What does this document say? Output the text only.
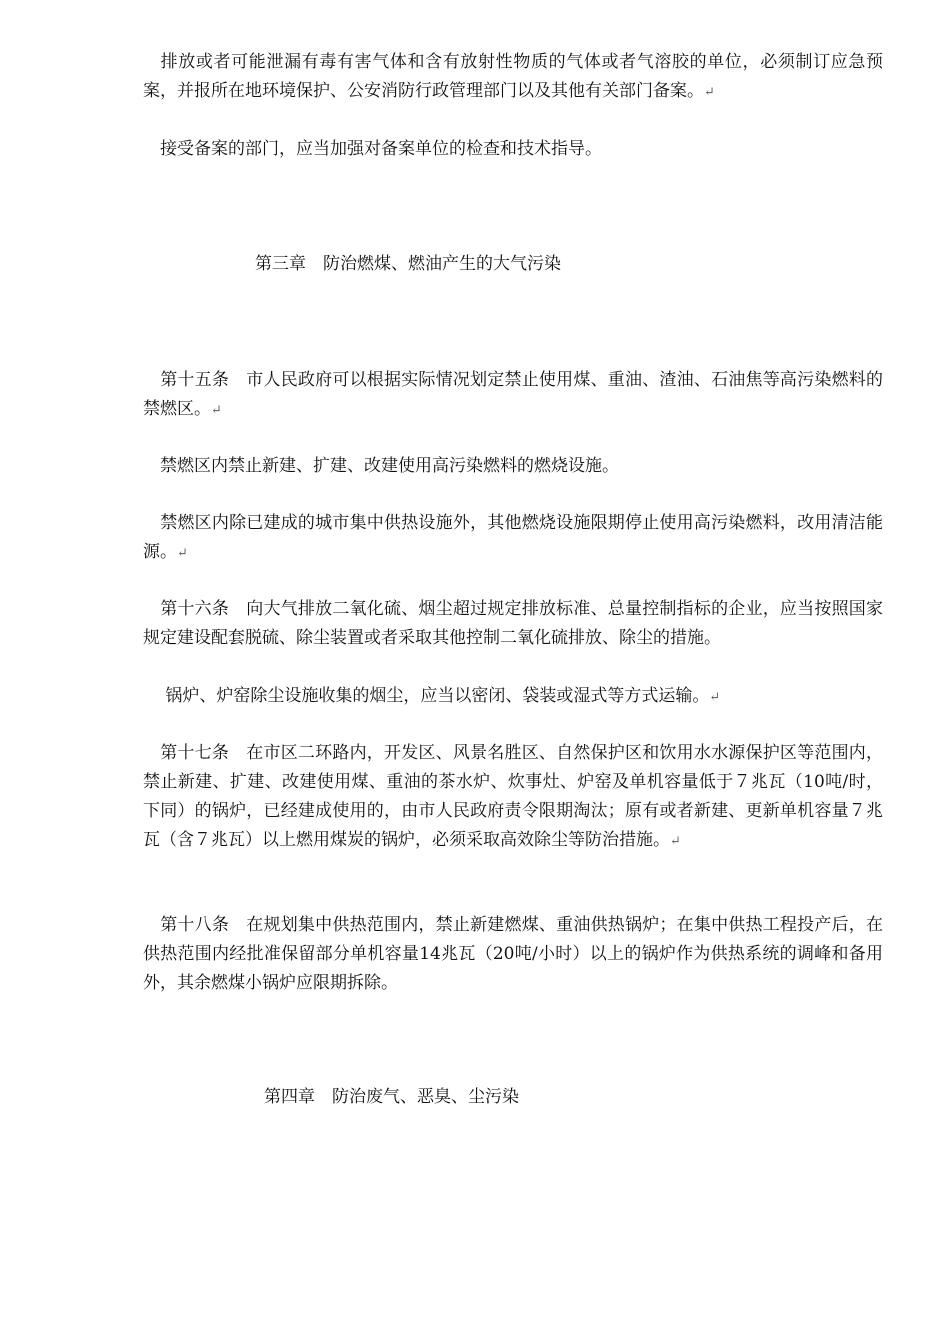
　排放或者可能泄漏有毒有害气体和含有放射性物质的气体或者气溶胶的单位，必须制订应急预案，并报所在地环境保护、公安消防行政管理部门以及其他有关部门备案。↵

　接受备案的部门，应当加强对备案单位的检查和技术指导。

第三章　防治燃煤、燃油产生的大气污染

　第十五条　市人民政府可以根据实际情况划定禁止使用煤、重油、渣油、石油焦等高污染燃料的禁燃区。↵

　禁燃区内禁止新建、扩建、改建使用高污染燃料的燃烧设施。

　禁燃区内除已建成的城市集中供热设施外，其他燃烧设施限期停止使用高污染燃料，改用清洁能源。↵

　第十六条　向大气排放二氧化硫、烟尘超过规定排放标准、总量控制指标的企业，应当按照国家规定建设配套脱硫、除尘装置或者采取其他控制二氧化硫排放、除尘的措施。

　 锅炉、炉窑除尘设施收集的烟尘，应当以密闭、袋装或湿式等方式运输。↵

　第十七条　在市区二环路内，开发区、风景名胜区、自然保护区和饮用水水源保护区等范围内，禁止新建、扩建、改建使用煤、重油的茶水炉、炊事灶、炉窑及单机容量低于７兆瓦（10吨/时，下同）的锅炉，已经建成使用的，由市人民政府责令限期淘汰；原有或者新建、更新单机容量７兆瓦（含７兆瓦）以上燃用煤炭的锅炉，必须采取高效除尘等防治措施。↵

　第十八条　在规划集中供热范围内，禁止新建燃煤、重油供热锅炉；在集中供热工程投产后，在供热范围内经批准保留部分单机容量14兆瓦（20吨/小时）以上的锅炉作为供热系统的调峰和备用外，其余燃煤小锅炉应限期拆除。

第四章　防治废气、恶臭、尘污染
